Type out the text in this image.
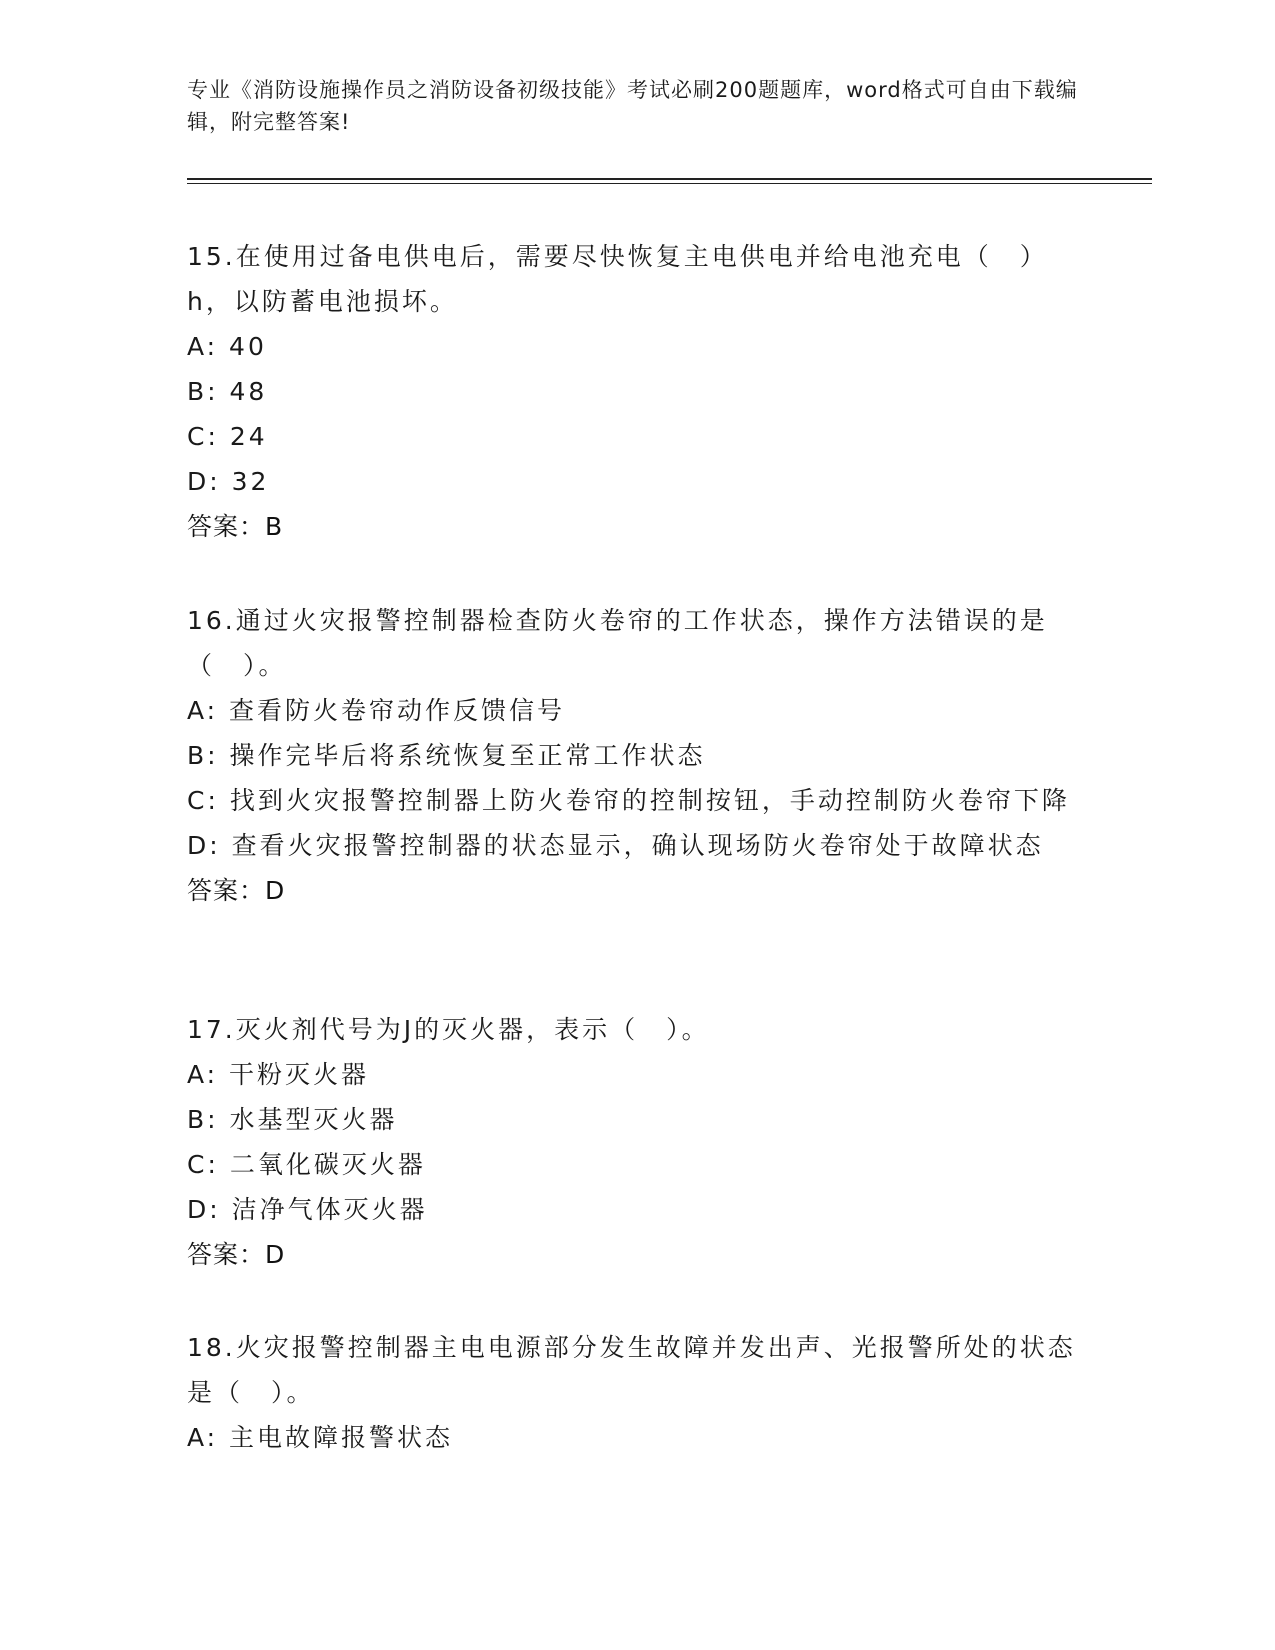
专业《消防设施操作员之消防设备初级技能》考试必刷200题题库，word格式可自由下载编辑，附完整答案!
15.在使用过备电供电后，需要尽快恢复主电供电并给电池充电（　）h，以防蓄电池损坏。
A: 40
B: 48
C: 24
D: 32
答案：B
16.通过火灾报警控制器检查防火卷帘的工作状态，操作方法错误的是（　）。
A: 查看防火卷帘动作反馈信号
B: 操作完毕后将系统恢复至正常工作状态
C: 找到火灾报警控制器上防火卷帘的控制按钮，手动控制防火卷帘下降
D: 查看火灾报警控制器的状态显示，确认现场防火卷帘处于故障状态
答案：D
17.灭火剂代号为J的灭火器，表示（　）。
A: 干粉灭火器
B: 水基型灭火器
C: 二氧化碳灭火器
D: 洁净气体灭火器
答案：D
18.火灾报警控制器主电电源部分发生故障并发出声、光报警所处的状态是（　）。
A: 主电故障报警状态
